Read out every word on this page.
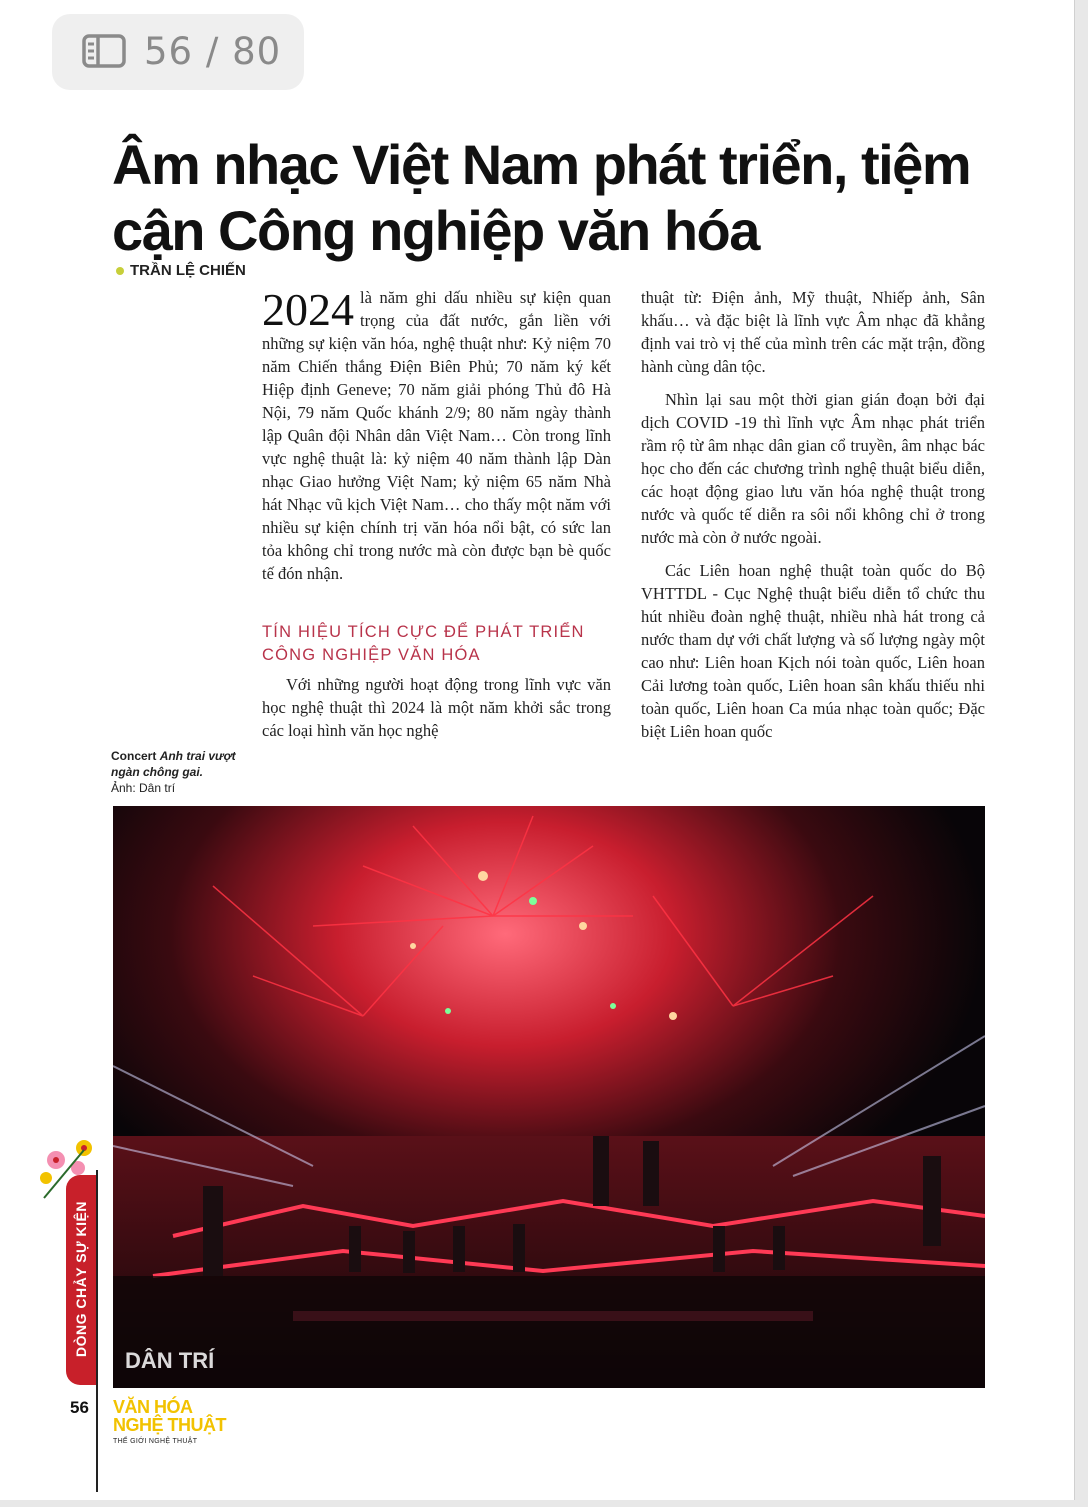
56 / 80
Âm nhạc Việt Nam phát triển, tiệm cận Công nghiệp văn hóa
TRẦN LỆ CHIẾN

2024 là năm ghi dấu nhiều sự kiện quan trọng của đất nước, gắn liền với những sự kiện văn hóa, nghệ thuật như: Kỷ niệm 70 năm Chiến thắng Điện Biên Phủ; 70 năm ký kết Hiệp định Geneve; 70 năm giải phóng Thủ đô Hà Nội, 79 năm Quốc khánh 2/9; 80 năm ngày thành lập Quân đội Nhân dân Việt Nam… Còn trong lĩnh vực nghệ thuật là: kỷ niệm 40 năm thành lập Dàn nhạc Giao hưởng Việt Nam; kỷ niệm 65 năm Nhà hát Nhạc vũ kịch Việt Nam… cho thấy một năm với nhiều sự kiện chính trị văn hóa nổi bật, có sức lan tỏa không chỉ trong nước mà còn được bạn bè quốc tế đón nhận.

TÍN HIỆU TÍCH CỰC ĐỂ PHÁT TRIỂN CÔNG NGHIỆP VĂN HÓA

Với những người hoạt động trong lĩnh vực văn học nghệ thuật thì 2024 là một năm khởi sắc trong các loại hình văn học nghệ

thuật từ: Điện ảnh, Mỹ thuật, Nhiếp ảnh, Sân khấu… và đặc biệt là lĩnh vực Âm nhạc đã khẳng định vai trò vị thế của mình trên các mặt trận, đồng hành cùng dân tộc.

Nhìn lại sau một thời gian gián đoạn bởi đại dịch COVID -19 thì lĩnh vực Âm nhạc phát triển rầm rộ từ âm nhạc dân gian cổ truyền, âm nhạc bác học cho đến các chương trình nghệ thuật biểu diễn, các hoạt động giao lưu văn hóa nghệ thuật trong nước và quốc tế diễn ra sôi nổi không chỉ ở trong nước mà còn ở nước ngoài.

Các Liên hoan nghệ thuật toàn quốc do Bộ VHTTDL - Cục Nghệ thuật biểu diễn tổ chức thu hút nhiều đoàn nghệ thuật, nhiều nhà hát trong cả nước tham dự với chất lượng và số lượng ngày một cao như: Liên hoan Kịch nói toàn quốc, Liên hoan Cải lương toàn quốc, Liên hoan sân khấu thiếu nhi toàn quốc, Liên hoan Ca múa nhạc toàn quốc; Đặc biệt Liên hoan quốc

Concert Anh trai vượt ngàn chông gai.
Ảnh: Dân trí
DÂN TRÍ
DÒNG CHẢY SỰ KIỆN
56 VĂN HÓA
NGHỆ THUẬT
THẾ GIỚI NGHỆ THUẬT
